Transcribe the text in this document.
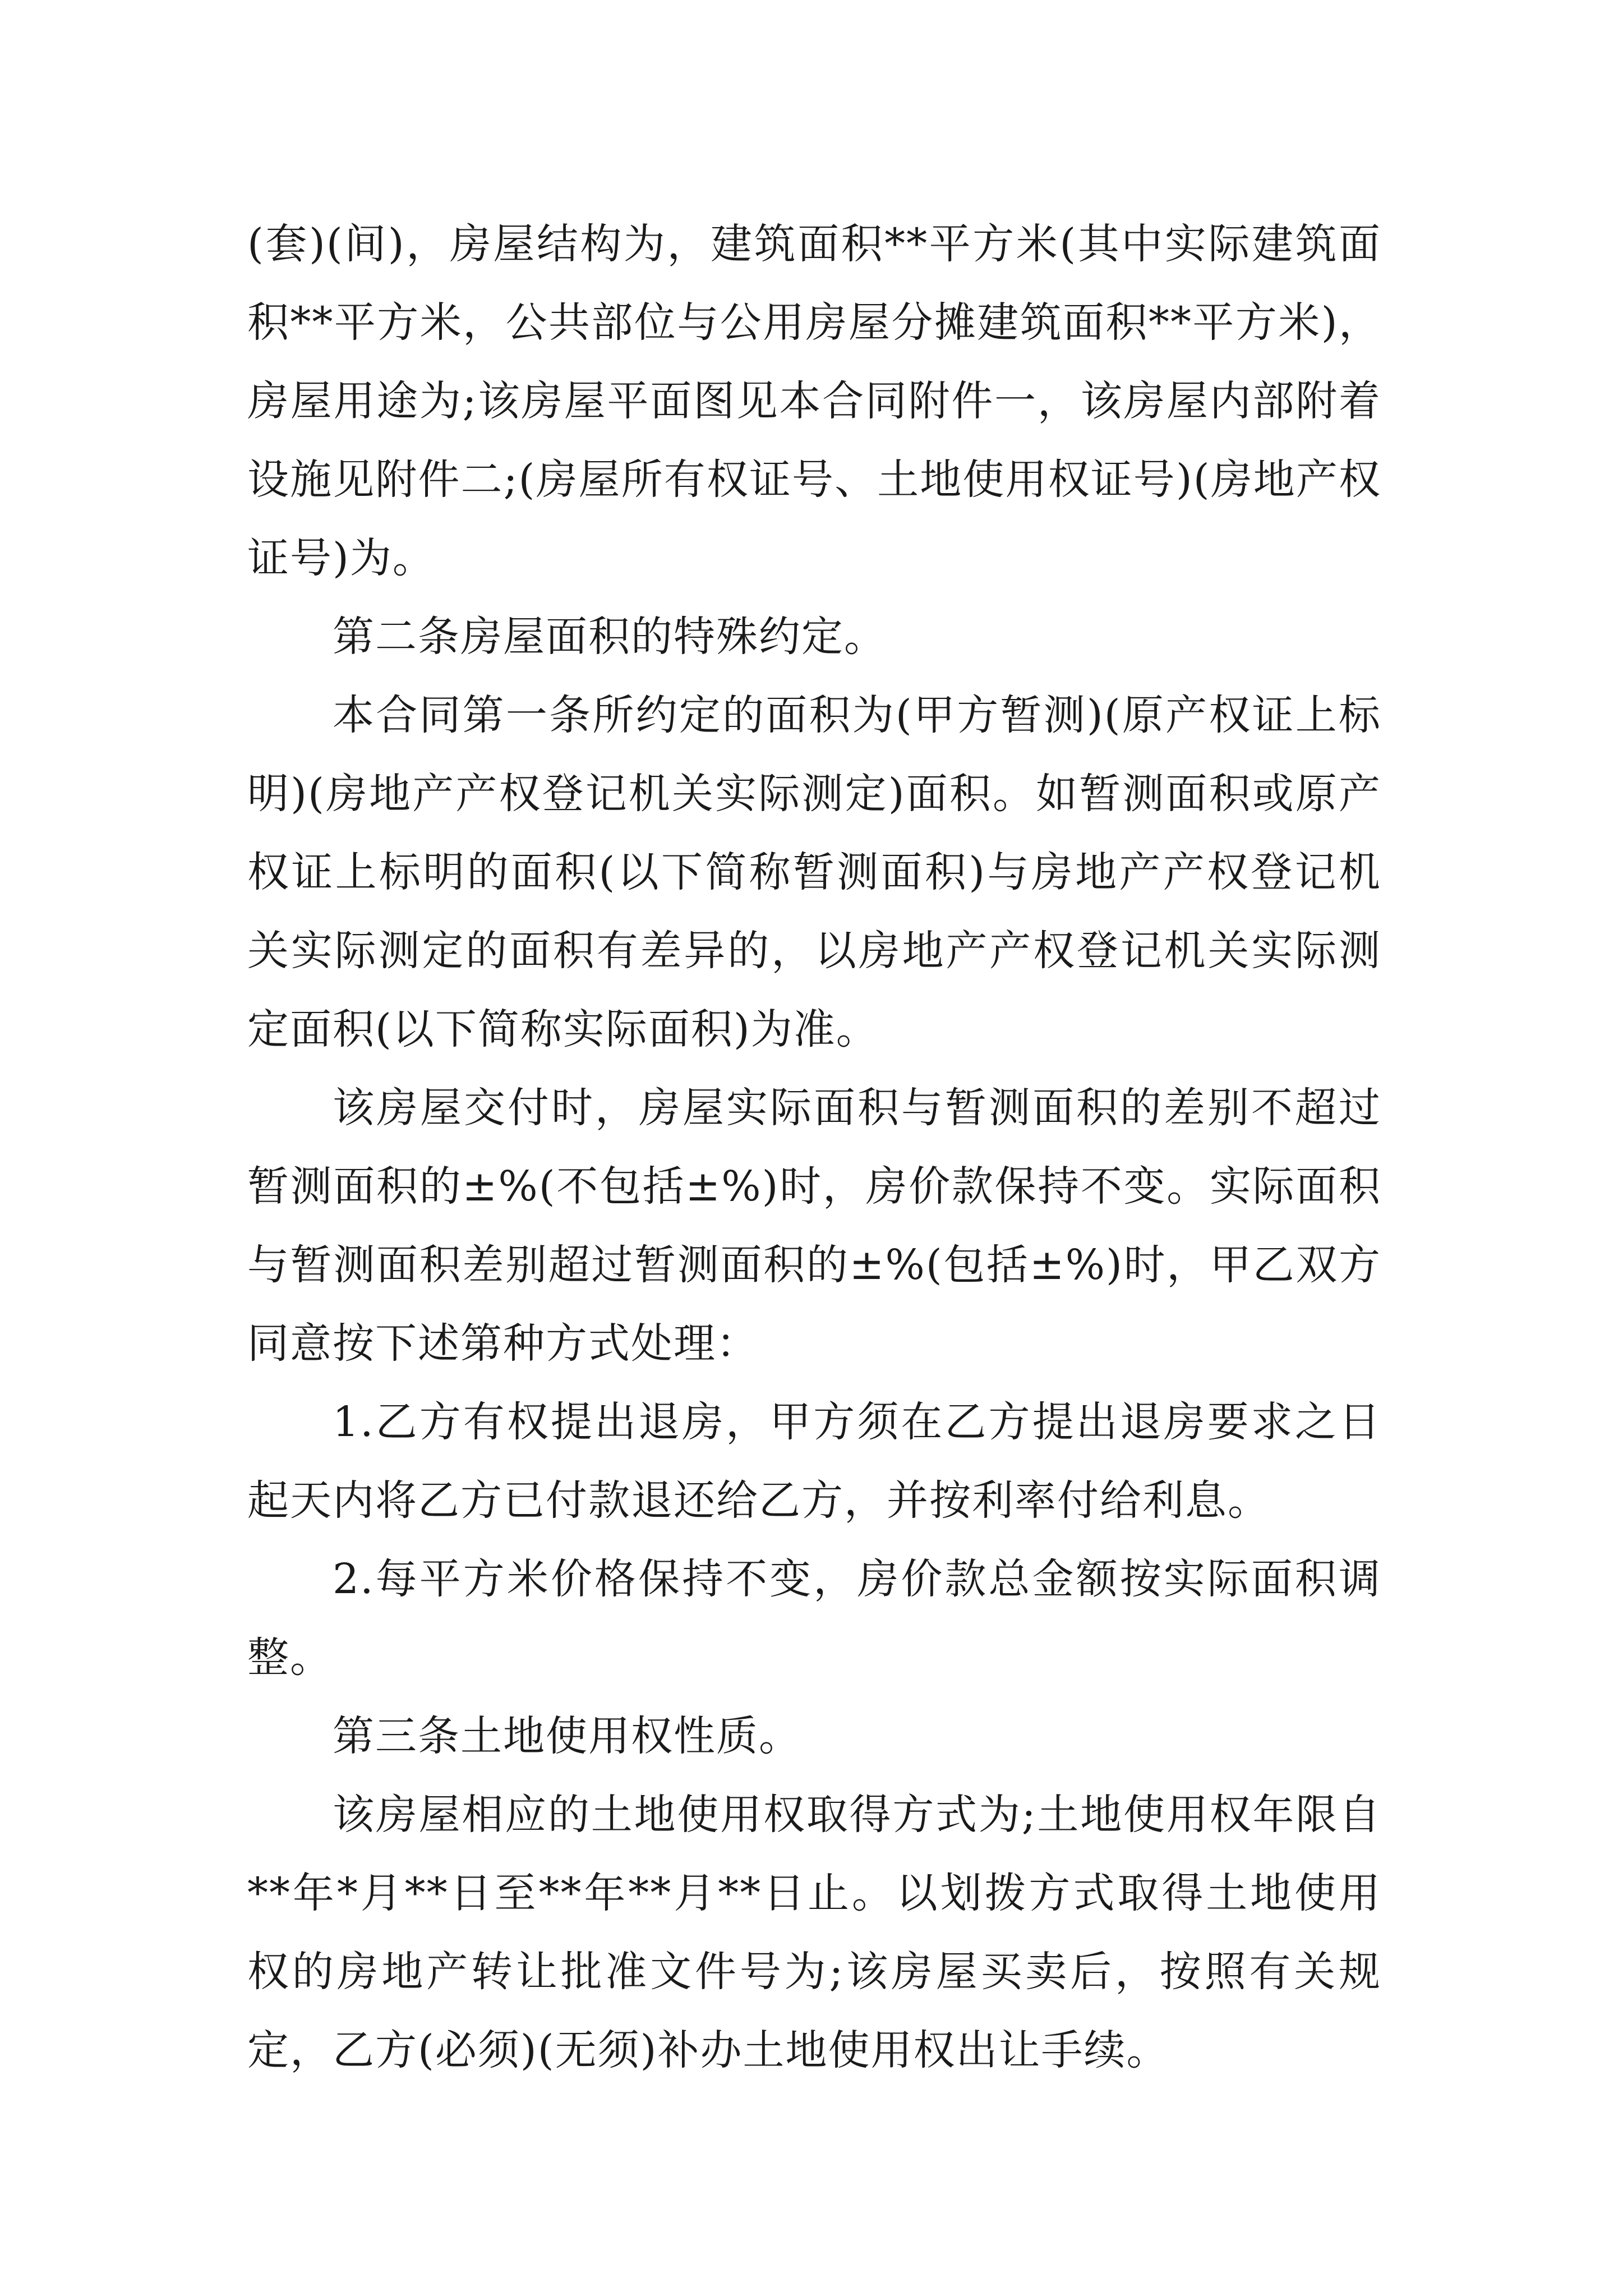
(套)(间)，房屋结构为，建筑面积**平方米(其中实际建筑面积**平方米，公共部位与公用房屋分摊建筑面积**平方米)，房屋用途为;该房屋平面图见本合同附件一，该房屋内部附着设施见附件二;(房屋所有权证号、土地使用权证号)(房地产权证号)为。

第二条房屋面积的特殊约定。

本合同第一条所约定的面积为(甲方暂测)(原产权证上标明)(房地产产权登记机关实际测定)面积。如暂测面积或原产权证上标明的面积(以下简称暂测面积)与房地产产权登记机关实际测定的面积有差异的，以房地产产权登记机关实际测定面积(以下简称实际面积)为准。

该房屋交付时，房屋实际面积与暂测面积的差别不超过暂测面积的±%(不包括±%)时，房价款保持不变。实际面积与暂测面积差别超过暂测面积的±%(包括±%)时，甲乙双方同意按下述第种方式处理：

1.乙方有权提出退房，甲方须在乙方提出退房要求之日起天内将乙方已付款退还给乙方，并按利率付给利息。

2.每平方米价格保持不变，房价款总金额按实际面积调整。

第三条土地使用权性质。

该房屋相应的土地使用权取得方式为;土地使用权年限自**年*月**日至**年**月**日止。以划拨方式取得土地使用权的房地产转让批准文件号为;该房屋买卖后，按照有关规定，乙方(必须)(无须)补办土地使用权出让手续。
